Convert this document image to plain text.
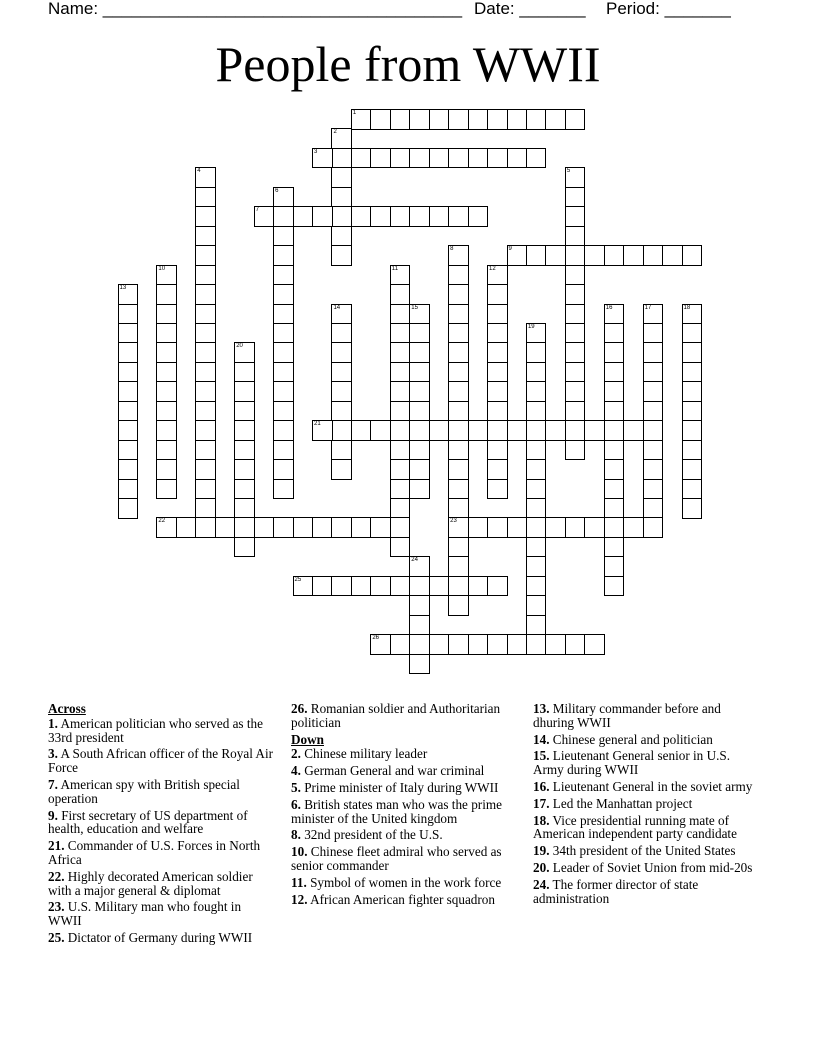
Name: ______________________________________ Date: _______ Period: _______
People from WWII
1
2
3
4	5
6
7
8
23
9
10	11	12
13
14	15	16	17	18
19
20
21
22
24
25
26
Across
1. American politician who served as the 33rd president
3. A South African officer of the Royal Air Force
7. American spy with British special operation
9. First secretary of US department of health, education and welfare
21. Commander of U.S. Forces in North Africa
22. Highly decorated American soldier with a major general & diplomat
23. U.S. Military man who fought in WWII
25. Dictator of Germany during WWII
26. Romanian soldier and Authoritarian politician
Down
2. Chinese military leader
4. German General and war criminal
5. Prime minister of Italy during WWII
6. British states man who was the prime minister of the United kingdom
8. 32nd president of the U.S.
10. Chinese fleet admiral who served as senior commander
11. Symbol of women in the work force
12. African American fighter squadron
13. Military commander before and dhuring WWII
14. Chinese general and politician
15. Lieutenant General senior in U.S. Army during WWII
16. Lieutenant General in the soviet army
17. Led the Manhattan project
18. Vice presidential running mate of American independent party candidate
19. 34th president of the United States
20. Leader of Soviet Union from mid-20s
24. The former director of state administration
